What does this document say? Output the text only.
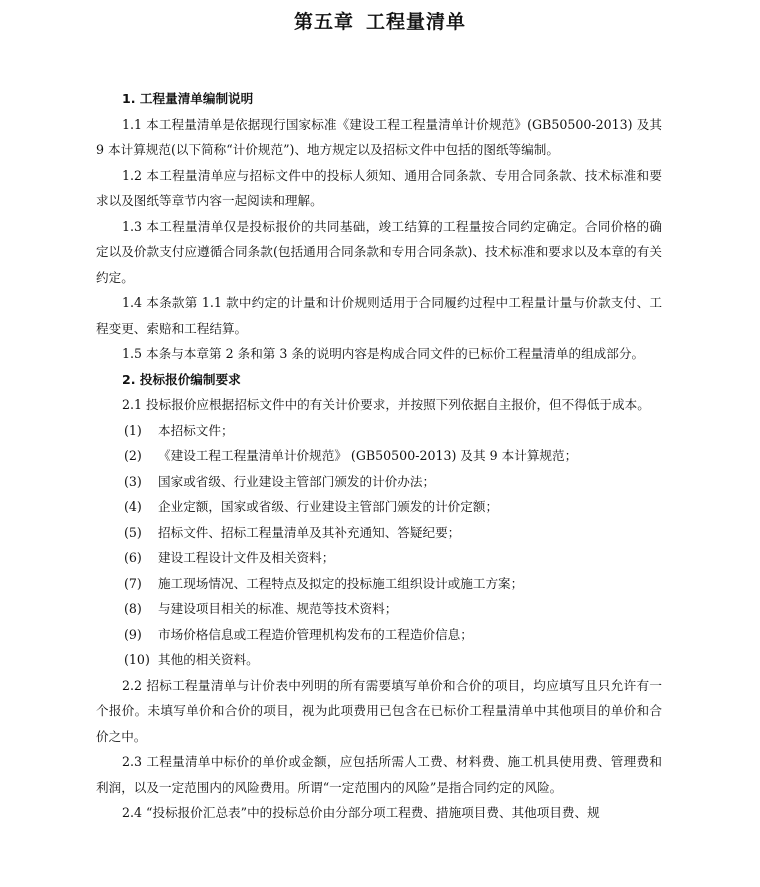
第五章 工程量清单

1. 工程量清单编制说明

1.1 本工程量清单是依据现行国家标准《建设工程工程量清单计价规范》(GB50500-2013) 及其 9 本计算规范(以下简称“计价规范”)、地方规定以及招标文件中包括的图纸等编制。

1.2 本工程量清单应与招标文件中的投标人须知、通用合同条款、专用合同条款、技术标准和要求以及图纸等章节内容一起阅读和理解。

1.3 本工程量清单仅是投标报价的共同基础，竣工结算的工程量按合同约定确定。合同价格的确定以及价款支付应遵循合同条款(包括通用合同条款和专用合同条款)、技术标准和要求以及本章的有关约定。

1.4 本条款第 1.1 款中约定的计量和计价规则适用于合同履约过程中工程量计量与价款支付、工程变更、索赔和工程结算。

1.5 本条与本章第 2 条和第 3 条的说明内容是构成合同文件的已标价工程量清单的组成部分。

2. 投标报价编制要求

2.1 投标报价应根据招标文件中的有关计价要求，并按照下列依据自主报价，但不得低于成本。

(1)	本招标文件；
(2)	《建设工程工程量清单计价规范》 (GB50500-2013) 及其 9 本计算规范；
(3)	国家或省级、行业建设主管部门颁发的计价办法；
(4)	企业定额，国家或省级、行业建设主管部门颁发的计价定额；
(5)	招标文件、招标工程量清单及其补充通知、答疑纪要；
(6)	建设工程设计文件及相关资料；
(7)	施工现场情况、工程特点及拟定的投标施工组织设计或施工方案；
(8)	与建设项目相关的标准、规范等技术资料；
(9)	市场价格信息或工程造价管理机构发布的工程造价信息；
(10) 其他的相关资料。

2.2 招标工程量清单与计价表中列明的所有需要填写单价和合价的项目，均应填写且只允许有一个报价。未填写单价和合价的项目，视为此项费用已包含在已标价工程量清单中其他项目的单价和合价之中。

2.3 工程量清单中标价的单价或金额，应包括所需人工费、材料费、施工机具使用费、管理费和利润，以及一定范围内的风险费用。所谓“一定范围内的风险”是指合同约定的风险。

2.4 “投标报价汇总表”中的投标总价由分部分项工程费、措施项目费、其他项目费、规
